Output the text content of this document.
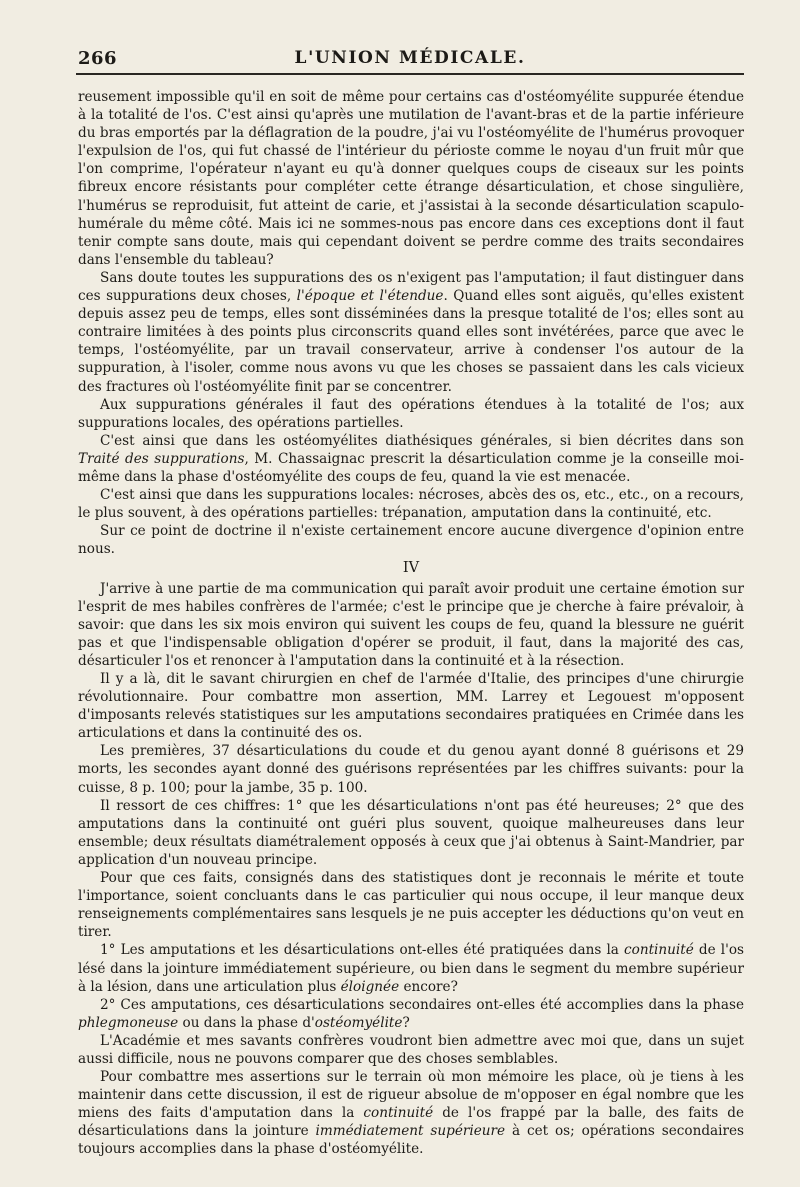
266	L'UNION MÉDICALE.

reusement impossible qu'il en soit de même pour certains cas d'ostéomyélite suppurée étendue à la totalité de l'os. C'est ainsi qu'après une mutilation de l'avant-bras et de la partie inférieure du bras emportés par la déflagration de la poudre, j'ai vu l'ostéomyélite de l'humérus provoquer l'expulsion de l'os, qui fut chassé de l'intérieur du périoste comme le noyau d'un fruit mûr que l'on comprime, l'opérateur n'ayant eu qu'à donner quelques coups de ciseaux sur les points fibreux encore résistants pour compléter cette étrange désarticulation, et chose singulière, l'humérus se reproduisit, fut atteint de carie, et j'assistai à la seconde désarticulation scapulo-humérale du même côté. Mais ici ne sommes-nous pas encore dans ces exceptions dont il faut tenir compte sans doute, mais qui cependant doivent se perdre comme des traits secondaires dans l'ensemble du tableau?

Sans doute toutes les suppurations des os n'exigent pas l'amputation; il faut distinguer dans ces suppurations deux choses, l'époque et l'étendue. Quand elles sont aiguës, qu'elles existent depuis assez peu de temps, elles sont disséminées dans la presque totalité de l'os; elles sont au contraire limitées à des points plus circonscrits quand elles sont invétérées, parce que avec le temps, l'ostéomyélite, par un travail conservateur, arrive à condenser l'os autour de la suppuration, à l'isoler, comme nous avons vu que les choses se passaient dans les cals vicieux des fractures où l'ostéomyélite finit par se concentrer.

Aux suppurations générales il faut des opérations étendues à la totalité de l'os; aux suppurations locales, des opérations partielles.

C'est ainsi que dans les ostéomyélites diathésiques générales, si bien décrites dans son Traité des suppurations, M. Chassaignac prescrit la désarticulation comme je la conseille moi-même dans la phase d'ostéomyélite des coups de feu, quand la vie est menacée.

C'est ainsi que dans les suppurations locales: nécroses, abcès des os, etc., etc., on a recours, le plus souvent, à des opérations partielles: trépanation, amputation dans la continuité, etc.

Sur ce point de doctrine il n'existe certainement encore aucune divergence d'opinion entre nous.

IV

J'arrive à une partie de ma communication qui paraît avoir produit une certaine émotion sur l'esprit de mes habiles confrères de l'armée; c'est le principe que je cherche à faire prévaloir, à savoir: que dans les six mois environ qui suivent les coups de feu, quand la blessure ne guérit pas et que l'indispensable obligation d'opérer se produit, il faut, dans la majorité des cas, désarticuler l'os et renoncer à l'amputation dans la continuité et à la résection.

Il y a là, dit le savant chirurgien en chef de l'armée d'Italie, des principes d'une chirurgie révolutionnaire. Pour combattre mon assertion, MM. Larrey et Legouest m'opposent d'imposants relevés statistiques sur les amputations secondaires pratiquées en Crimée dans les articulations et dans la continuité des os.

Les premières, 37 désarticulations du coude et du genou ayant donné 8 guérisons et 29 morts, les secondes ayant donné des guérisons représentées par les chiffres suivants: pour la cuisse, 8 p. 100; pour la jambe, 35 p. 100.

Il ressort de ces chiffres: 1° que les désarticulations n'ont pas été heureuses; 2° que des amputations dans la continuité ont guéri plus souvent, quoique malheureuses dans leur ensemble; deux résultats diamétralement opposés à ceux que j'ai obtenus à Saint-Mandrier, par application d'un nouveau principe.

Pour que ces faits, consignés dans des statistiques dont je reconnais le mérite et toute l'importance, soient concluants dans le cas particulier qui nous occupe, il leur manque deux renseignements complémentaires sans lesquels je ne puis accepter les déductions qu'on veut en tirer.

1° Les amputations et les désarticulations ont-elles été pratiquées dans la continuité de l'os lésé dans la jointure immédiatement supérieure, ou bien dans le segment du membre supérieur à la lésion, dans une articulation plus éloignée encore?

2° Ces amputations, ces désarticulations secondaires ont-elles été accomplies dans la phase phlegmoneuse ou dans la phase d'ostéomyélite?

L'Académie et mes savants confrères voudront bien admettre avec moi que, dans un sujet aussi difficile, nous ne pouvons comparer que des choses semblables.

Pour combattre mes assertions sur le terrain où mon mémoire les place, où je tiens à les maintenir dans cette discussion, il est de rigueur absolue de m'opposer en égal nombre que les miens des faits d'amputation dans la continuité de l'os frappé par la balle, des faits de désarticulations dans la jointure immédiatement supérieure à cet os; opérations secondaires toujours accomplies dans la phase d'ostéomyélite.
